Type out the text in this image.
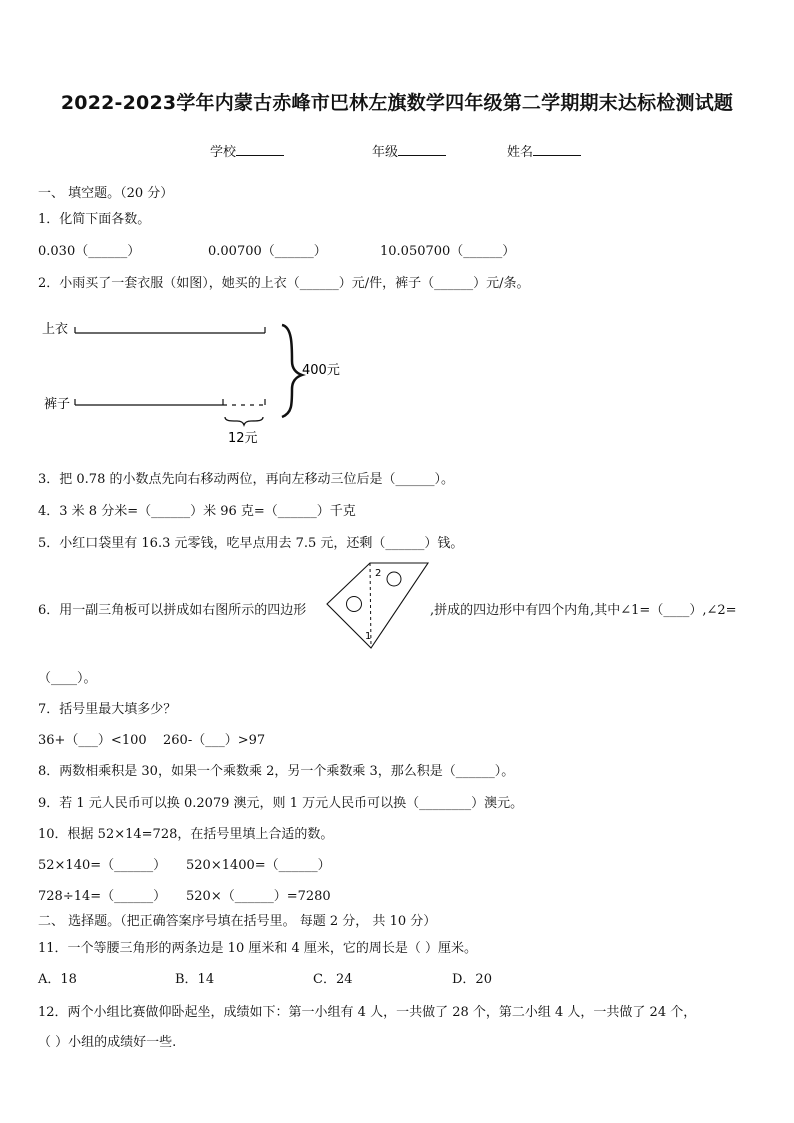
2022-2023学年内蒙古赤峰市巴林左旗数学四年级第二学期期末达标检测试题
学校	年级	姓名
一、 填空题。（20 分）
1．化简下面各数。
0.030（______）	0.00700（______）	10.050700（______）
2．小雨买了一套衣服（如图），她买的上衣（______）元/件，裤子（______）元/条。
上衣
400元
裤子
12元
3．把 0.78 的小数点先向右移动两位，再向左移动三位后是（______）。
4．3 米 8 分米=（______）米 96 克=（______）千克
5．小红口袋里有 16.3 元零钱，吃早点用去 7.5 元，还剩（______）钱。
6．用一副三角板可以拼成如右图所示的四边形
2
1
,拼成的四边形中有四个内角,其中∠1=（____）,∠2=
（____）。
7．括号里最大填多少？
36+（___）<100 260-（___）>97
8．两数相乘积是 30，如果一个乘数乘 2，另一个乘数乘 3，那么积是（______）。
9．若 1 元人民币可以换 0.2079 澳元，则 1 万元人民币可以换（________）澳元。
10．根据 52×14=728，在括号里填上合适的数。
52×140=（______） 520×1400=（______）
728÷14=（______） 520×（______）=7280
二、 选择题。（把正确答案序号填在括号里。 每题 2 分， 共 10 分）
11．一个等腰三角形的两条边是 10 厘米和 4 厘米，它的周长是（ ）厘米。
A．18	B．14	C．24	D．20
12．两个小组比赛做仰卧起坐，成绩如下：第一小组有 4 人，一共做了 28 个，第二小组 4 人，一共做了 24 个，
（ ）小组的成绩好一些.
